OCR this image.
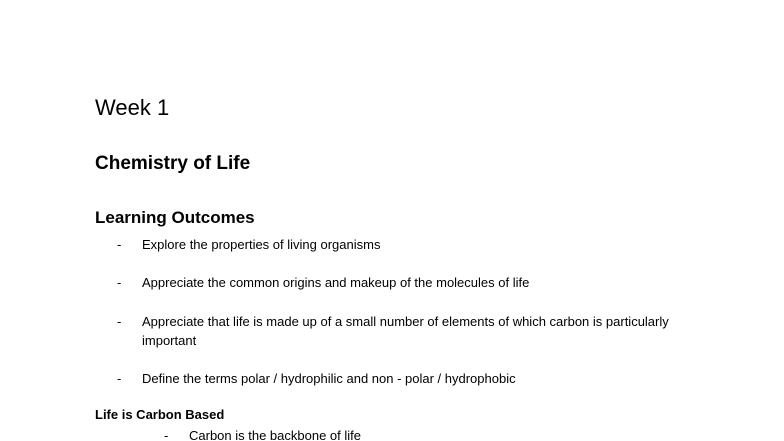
Week 1
Chemistry of Life
Learning Outcomes
- Explore the properties of living organisms
- Appreciate the common origins and makeup of the molecules of life
- Appreciate that life is made up of a small number of elements of which carbon is particularly important
- Define the terms polar / hydrophilic and non - polar / hydrophobic
Life is Carbon Based
- Carbon is the backbone of life
